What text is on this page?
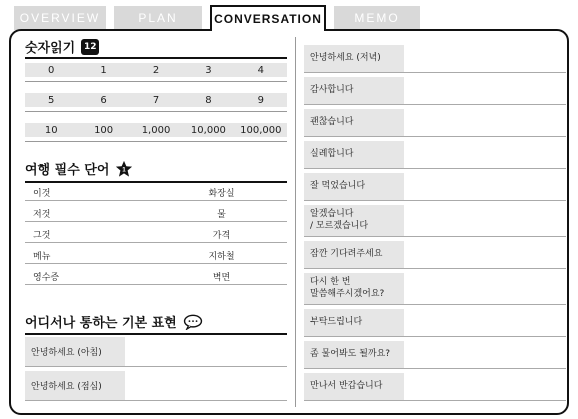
OVERVIEW	PLAN	CONVERSATION	MEMO
숫자읽기 12
0	1	2	3	4
5	6	7	8	9
10	100	1,000	10,000	100,000
여행 필수 단어 1
이것	화장실
저것	물
그것	가격
메뉴	지하철
영수증	벽면
어디서나 통하는 기본 표현
안녕하세요 (아침)
안녕하세요 (점심)
안녕하세요 (저녁)
감사합니다
괜찮습니다
실례합니다
잘 먹었습니다
알겠습니다
/ 모르겠습니다
잠깐 기다려주세요
다시 한 번
말씀해주시겠어요?
부탁드립니다
좀 물어봐도 될까요?
만나서 반갑습니다
